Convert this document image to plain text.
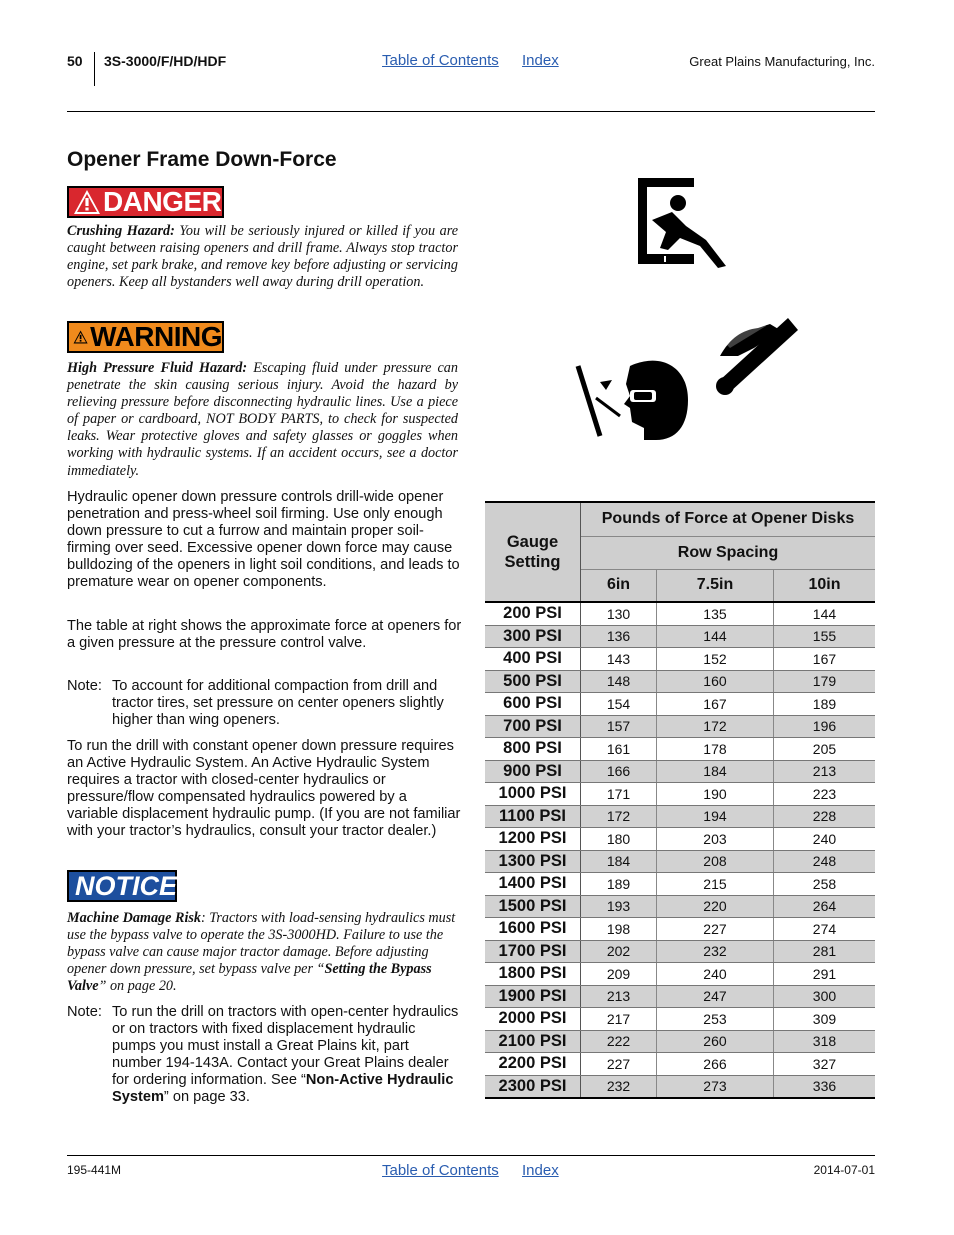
50 3S-3000/F/HD/HDF	Table of Contents Index	Great Plains Manufacturing, Inc.
Opener Frame Down-Force
DANGER
Crushing Hazard: You will be seriously injured or killed if you are caught between raising openers and drill frame. Always stop tractor engine, set park brake, and remove key before adjusting or servicing openers. Keep all bystanders well away during drill operation.
WARNING
High Pressure Fluid Hazard: Escaping fluid under pressure can penetrate the skin causing serious injury. Avoid the hazard by relieving pressure before disconnecting hydraulic lines. Use a piece of paper or cardboard, NOT BODY PARTS, to check for suspected leaks. Wear protective gloves and safety glasses or goggles when working with hydraulic systems. If an accident occurs, see a doctor immediately.
Hydraulic opener down pressure controls drill-wide opener penetration and press-wheel soil firming. Use only enough down pressure to cut a furrow and maintain proper soil-firming over seed. Excessive opener down force may cause bulldozing of the openers in light soil conditions, and leads to premature wear on opener components.
The table at right shows the approximate force at openers for a given pressure at the pressure control valve.
Note: To account for additional compaction from drill and tractor tires, set pressure on center openers slightly higher than wing openers.
To run the drill with constant opener down pressure requires an Active Hydraulic System. An Active Hydraulic System requires a tractor with closed-center hydraulics or pressure/flow compensated hydraulics powered by a variable displacement hydraulic pump. (If you are not familiar with your tractor’s hydraulics, consult your tractor dealer.)
NOTICE
Machine Damage Risk: Tractors with load-sensing hydraulics must use the bypass valve to operate the 3S-3000HD. Failure to use the bypass valve can cause major tractor damage. Before adjusting opener down pressure, set bypass valve per “Setting the Bypass Valve” on page 20.
Note: To run the drill on tractors with open-center hydraulics or on tractors with fixed displacement hydraulic pumps you must install a Great Plains kit, part number 194-143A. Contact your Great Plains dealer for ordering information. See “Non-Active Hydraulic System” on page 33.
Gauge Setting	Pounds of Force at Opener Disks		
	Row Spacing		
	6in	7.5in	10in
200 PSI	130	135	144
300 PSI	136	144	155
400 PSI	143	152	167
500 PSI	148	160	179
600 PSI	154	167	189
700 PSI	157	172	196
800 PSI	161	178	205
900 PSI	166	184	213
1000 PSI	171	190	223
1100 PSI	172	194	228
1200 PSI	180	203	240
1300 PSI	184	208	248
1400 PSI	189	215	258
1500 PSI	193	220	264
1600 PSI	198	227	274
1700 PSI	202	232	281
1800 PSI	209	240	291
1900 PSI	213	247	300
2000 PSI	217	253	309
2100 PSI	222	260	318
2200 PSI	227	266	327
2300 PSI	232	273	336
195-441M	Table of Contents Index	2014-07-01
